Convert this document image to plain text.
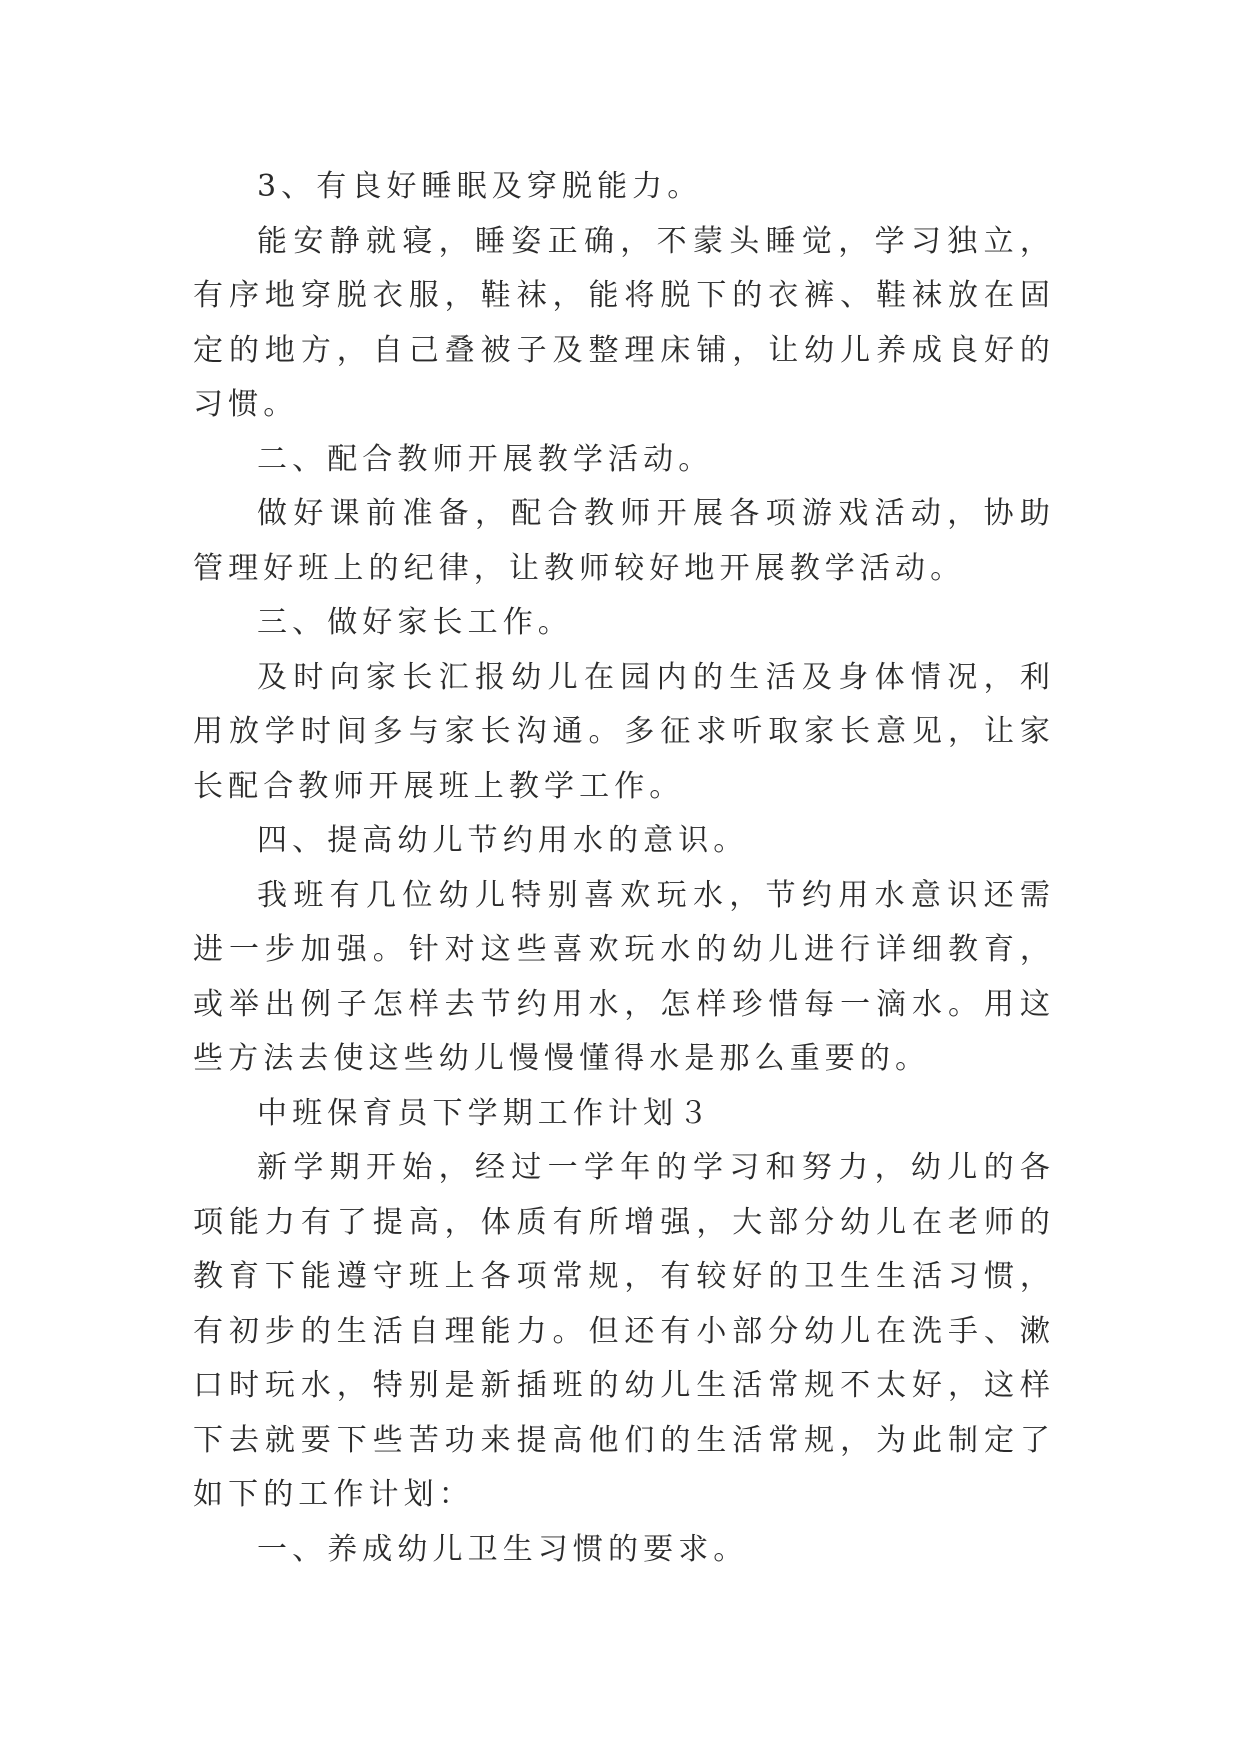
3、有良好睡眠及穿脱能力。

能安静就寝，睡姿正确，不蒙头睡觉，学习独立，有序地穿脱衣服，鞋袜，能将脱下的衣裤、鞋袜放在固定的地方，自己叠被子及整理床铺，让幼儿养成良好的习惯。

二、配合教师开展教学活动。

做好课前准备，配合教师开展各项游戏活动，协助管理好班上的纪律，让教师较好地开展教学活动。

三、做好家长工作。

及时向家长汇报幼儿在园内的生活及身体情况，利用放学时间多与家长沟通。多征求听取家长意见，让家长配合教师开展班上教学工作。

四、提高幼儿节约用水的意识。

我班有几位幼儿特别喜欢玩水，节约用水意识还需进一步加强。针对这些喜欢玩水的幼儿进行详细教育，或举出例子怎样去节约用水，怎样珍惜每一滴水。用这些方法去使这些幼儿慢慢懂得水是那么重要的。

中班保育员下学期工作计划３

新学期开始，经过一学年的学习和努力，幼儿的各项能力有了提高，体质有所增强，大部分幼儿在老师的教育下能遵守班上各项常规，有较好的卫生生活习惯，有初步的生活自理能力。但还有小部分幼儿在洗手、漱口时玩水，特别是新插班的幼儿生活常规不太好，这样下去就要下些苦功来提高他们的生活常规，为此制定了如下的工作计划：

一、养成幼儿卫生习惯的要求。
